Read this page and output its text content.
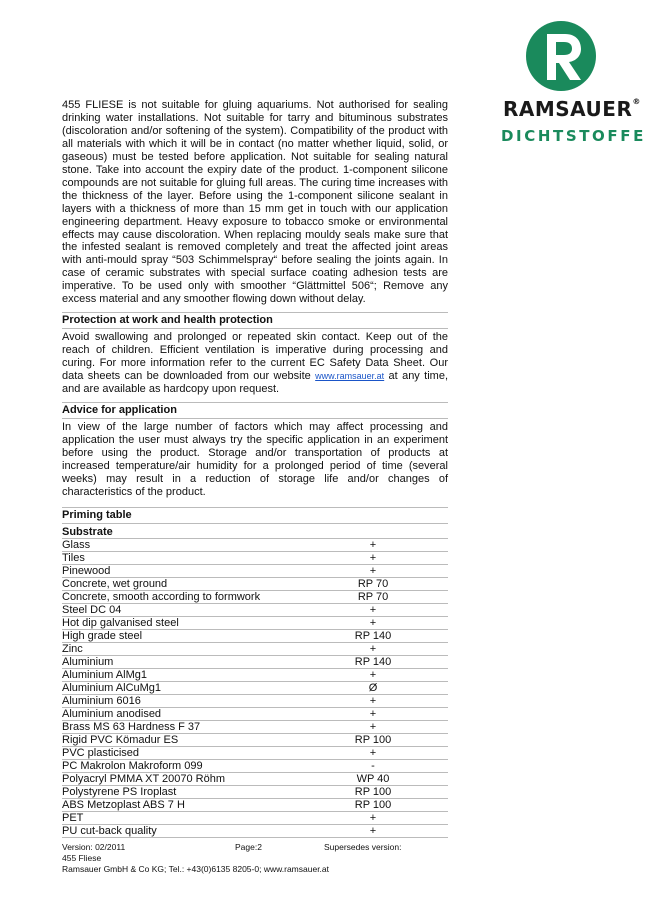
RAMSAUER®
DICHTSTOFFE

455 FLIESE is not suitable for gluing aquariums. Not authorised for sealing drinking water installations. Not suitable for tarry and bituminous substrates (discoloration and/or softening of the system). Compatibility of the product with all materials with which it will be in contact (no matter whether liquid, solid, or gaseous) must be tested before application. Not suitable for sealing natural stone. Take into account the expiry date of the product. 1-component silicone compounds are not suitable for gluing full areas. The curing time increases with the thickness of the layer. Before using the 1-component silicone sealant in layers with a thickness of more than 15 mm get in touch with our application engineering department. Heavy exposure to tobacco smoke or environmental effects may cause discoloration. When replacing mouldy seals make sure that the infested sealant is removed completely and treat the affected joint areas with anti-mould spray “503 Schimmelspray“ before sealing the joints again. In case of ceramic substrates with special surface coating adhesion tests are imperative. To be used only with smoother “Glättmittel 506“; Remove any excess material and any smoother flowing down without delay.

Protection at work and health protection

Avoid swallowing and prolonged or repeated skin contact. Keep out of the reach of children. Efficient ventilation is imperative during processing and curing. For more information refer to the current EC Safety Data Sheet. Our data sheets can be downloaded from our website www.ramsauer.at at any time, and are available as hardcopy upon request.

Advice for application

In view of the large number of factors which may affect processing and application the user must always try the specific application in an experiment before using the product. Storage and/or transportation of products at increased temperature/air humidity for a prolonged period of time (several weeks) may result in a reduction of storage life and/or changes of characteristics of the product.

Priming table
Substrate	
Glass	+
Tiles	+
Pinewood	+
Concrete, wet ground	RP 70
Concrete, smooth according to formwork	RP 70
Steel DC 04	+
Hot dip galvanised steel	+
High grade steel	RP 140
Zinc	+
Aluminium	RP 140
Aluminium AlMg1	+
Aluminium AlCuMg1	Ø
Aluminium 6016	+
Aluminium anodised	+
Brass MS 63 Hardness F 37	+
Rigid PVC Kömadur ES	RP 100
PVC plasticised	+
PC Makrolon Makroform 099	-
Polyacryl PMMA XT 20070 Röhm	WP 40
Polystyrene PS Iroplast	RP 100
ABS Metzoplast ABS 7 H	RP 100
PET	+
PU cut-back quality	+
Version: 02/2011	Page:2	Supersedes version:
455 Fliese
Ramsauer GmbH & Co KG; Tel.: +43(0)6135 8205-0; www.ramsauer.at
